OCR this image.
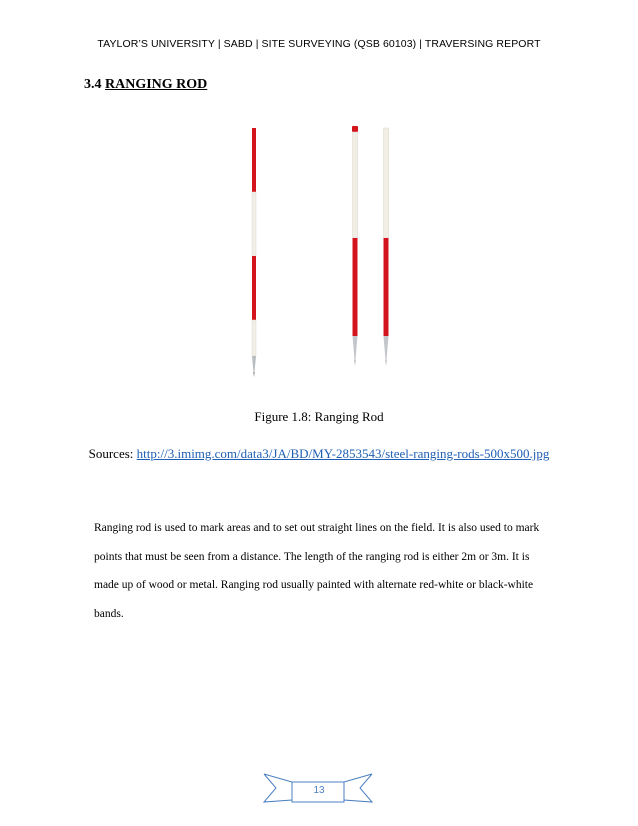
TAYLOR’S UNIVERSITY | SABD | SITE SURVEYING (QSB 60103) | TRAVERSING REPORT
3.4 RANGING ROD
Figure 1.8: Ranging Rod
Sources: http://3.imimg.com/data3/JA/BD/MY-2853543/steel-ranging-rods-500x500.jpg
Ranging rod is used to mark areas and to set out straight lines on the field. It is also used to mark
points that must be seen from a distance. The length of the ranging rod is either 2m or 3m. It is
made up of wood or metal. Ranging rod usually painted with alternate red-white or black-white
bands.
13
